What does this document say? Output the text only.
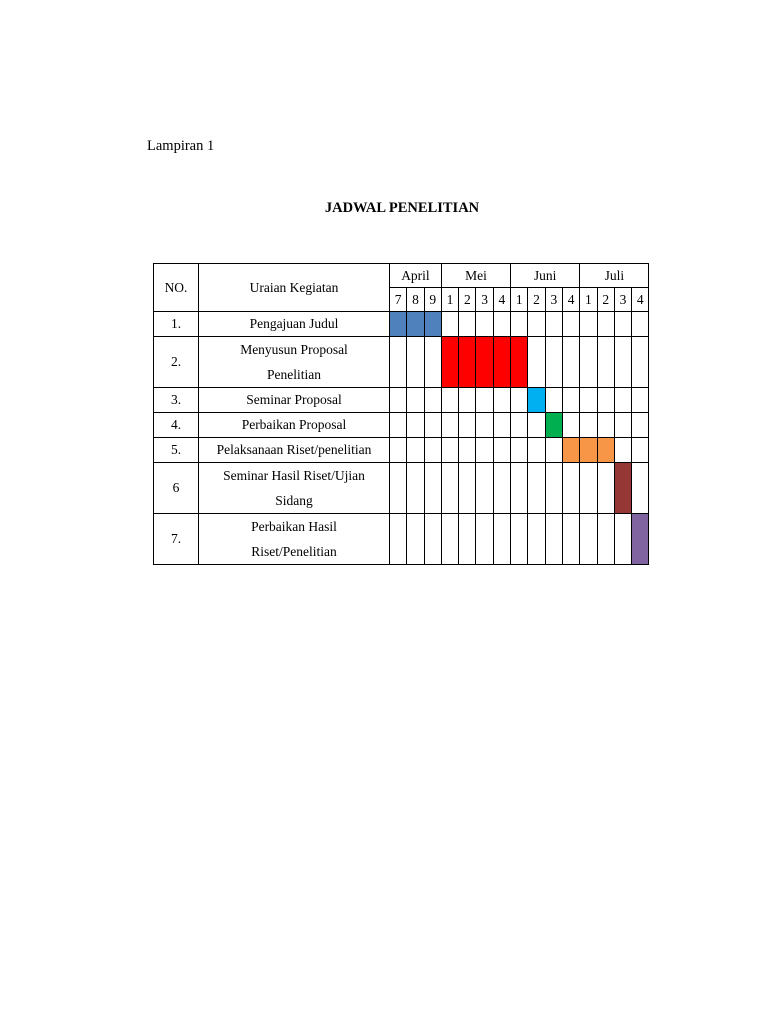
Lampiran 1
JADWAL PENELITIAN
NO.	Uraian Kegiatan	April			Mei				Juni				Juli			
		7	8	9	1	2	3	4	1	2	3	4	1	2	3	4
1.	Pengajuan Judul															

2.	Menyusun Proposal
Penelitian															

3.	Seminar Proposal															

4.	Perbaikan Proposal															

5.	Pelaksanaan Riset/penelitian															

6	Seminar Hasil Riset/Ujian
Sidang															

7.	Perbaikan Hasil
Riset/Penelitian															
